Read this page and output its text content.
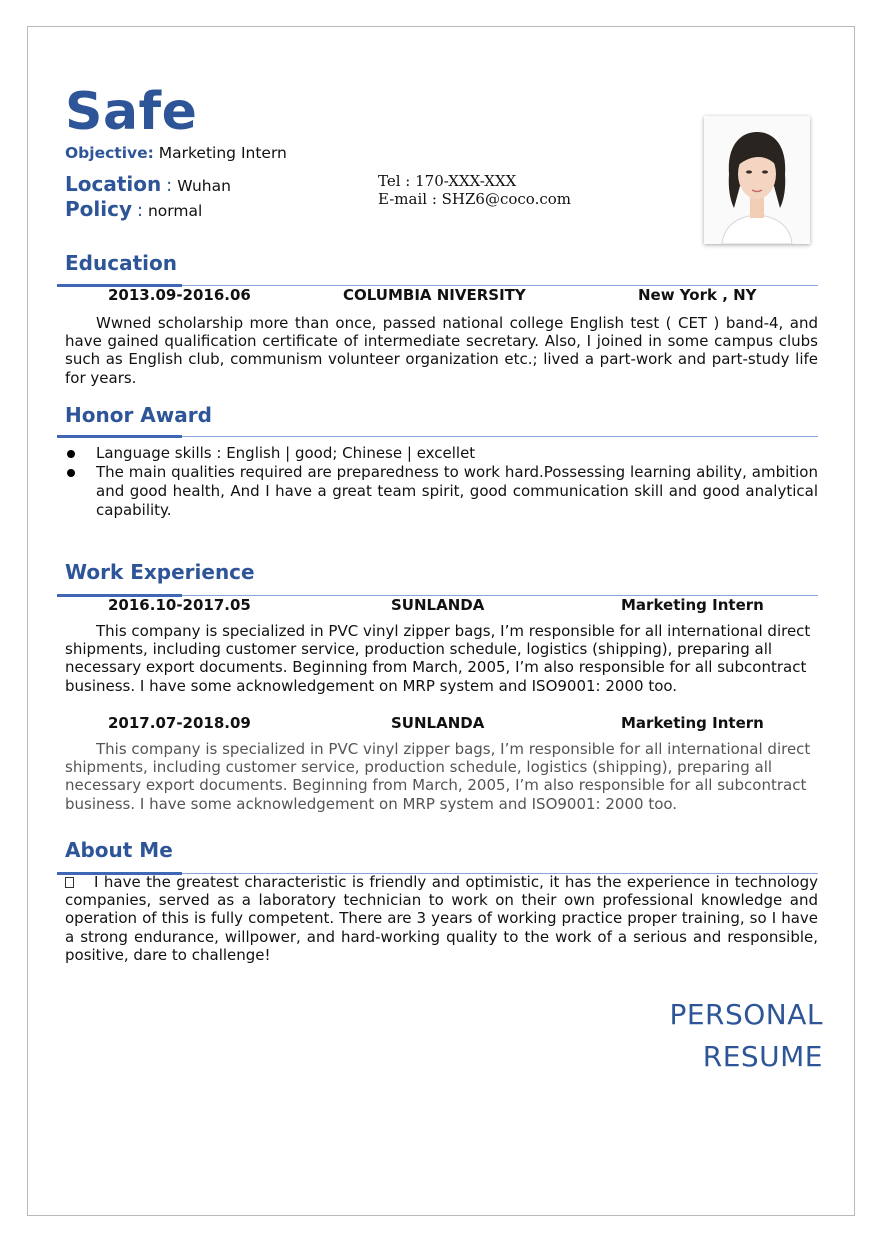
Safe
Objective: Marketing Intern
Location : Wuhan
Policy : normal
Tel : 170-XXX-XXX
E-mail : SHZ6@coco.com
Education
2013.09-2016.06	COLUMBIA NIVERSITY	New York , NY
Wwned scholarship more than once, passed national college English test ( CET ) band-4, and have gained qualification certificate of intermediate secretary. Also, I joined in some campus clubs such as English club, communism volunteer organization etc.; lived a part-work and part-study life for years.
Honor Award
Language skills : English | good; Chinese | excellet
The main qualities required are preparedness to work hard.Possessing learning ability, ambition and good health, And I have a great team spirit, good communication skill and good analytical capability.
Work Experience
2016.10-2017.05	SUNLANDA	Marketing Intern
This company is specialized in PVC vinyl zipper bags, I’m responsible for all international direct shipments, including customer service, production schedule, logistics (shipping), preparing all necessary export documents. Beginning from March, 2005, I’m also responsible for all subcontract business. I have some acknowledgement on MRP system and ISO9001: 2000 too.
2017.07-2018.09	SUNLANDA	Marketing Intern
This company is specialized in PVC vinyl zipper bags, I’m responsible for all international direct shipments, including customer service, production schedule, logistics (shipping), preparing all necessary export documents. Beginning from March, 2005, I’m also responsible for all subcontract business. I have some acknowledgement on MRP system and ISO9001: 2000 too.
About Me
I have the greatest characteristic is friendly and optimistic, it has the experience in technology companies, served as a laboratory technician to work on their own professional knowledge and operation of this is fully competent. There are 3 years of working practice proper training, so I have a strong endurance, willpower, and hard-working quality to the work of a serious and responsible, positive, dare to challenge!
PERSONAL
RESUME
